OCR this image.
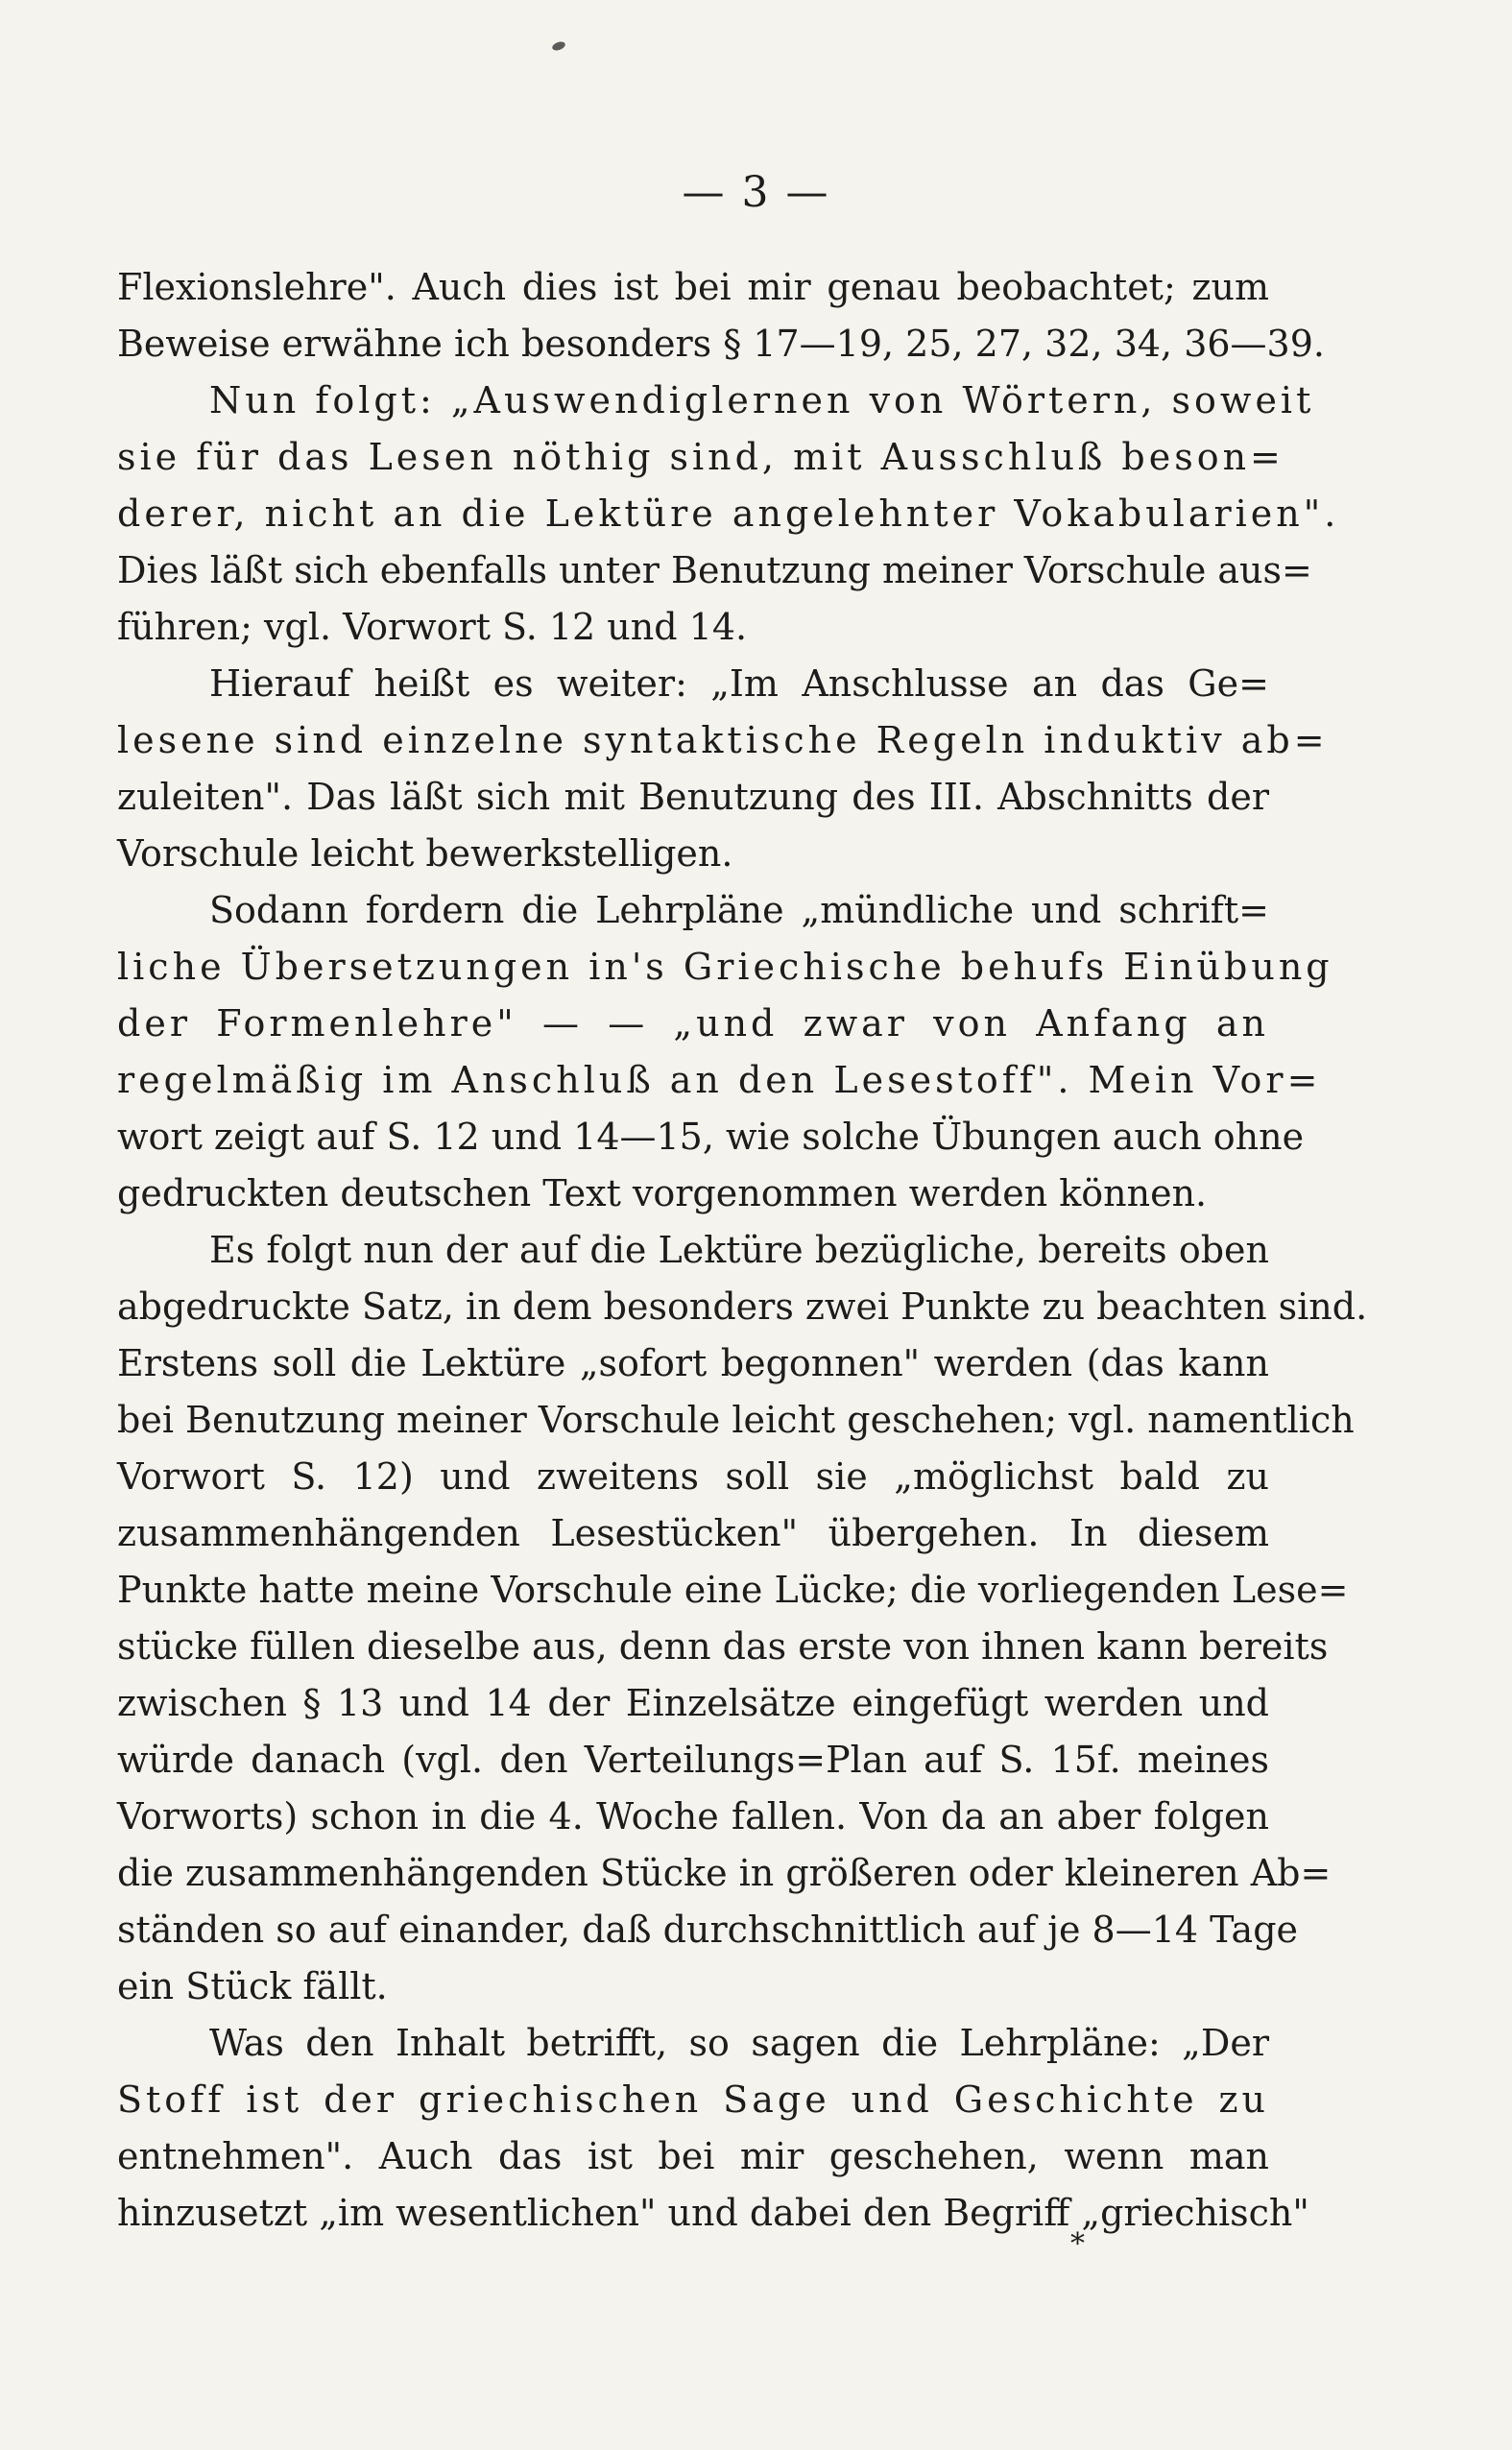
— 3 —
Flexionslehre". Auch dies ist bei mir genau beobachtet; zum
Beweise erwähne ich besonders § 17—19, 25, 27, 32, 34, 36—39.
Nun folgt: „Auswendiglernen von Wörtern, soweit
sie für das Lesen nöthig sind, mit Ausschluß beson=
derer, nicht an die Lektüre angelehnter Vokabularien".
Dies läßt sich ebenfalls unter Benutzung meiner Vorschule aus=
führen; vgl. Vorwort S. 12 und 14.
Hierauf heißt es weiter: „Im Anschlusse an das Ge=
lesene sind einzelne syntaktische Regeln induktiv ab=
zuleiten". Das läßt sich mit Benutzung des III. Abschnitts der
Vorschule leicht bewerkstelligen.
Sodann fordern die Lehrpläne „mündliche und schrift=
liche Übersetzungen in's Griechische behufs Einübung
der Formenlehre" — — „und zwar von Anfang an
regelmäßig im Anschluß an den Lesestoff". Mein Vor=
wort zeigt auf S. 12 und 14—15, wie solche Übungen auch ohne
gedruckten deutschen Text vorgenommen werden können.
Es folgt nun der auf die Lektüre bezügliche, bereits oben
abgedruckte Satz, in dem besonders zwei Punkte zu beachten sind.
Erstens soll die Lektüre „sofort begonnen" werden (das kann
bei Benutzung meiner Vorschule leicht geschehen; vgl. namentlich
Vorwort S. 12) und zweitens soll sie „möglichst bald zu
zusammenhängenden Lesestücken" übergehen. In diesem
Punkte hatte meine Vorschule eine Lücke; die vorliegenden Lese=
stücke füllen dieselbe aus, denn das erste von ihnen kann bereits
zwischen § 13 und 14 der Einzelsätze eingefügt werden und
würde danach (vgl. den Verteilungs=Plan auf S. 15f. meines
Vorworts) schon in die 4. Woche fallen. Von da an aber folgen
die zusammenhängenden Stücke in größeren oder kleineren Ab=
ständen so auf einander, daß durchschnittlich auf je 8—14 Tage
ein Stück fällt.
Was den Inhalt betrifft, so sagen die Lehrpläne: „Der
Stoff ist der griechischen Sage und Geschichte zu
entnehmen". Auch das ist bei mir geschehen, wenn man
hinzusetzt „im wesentlichen" und dabei den Begriff „griechisch"
*
